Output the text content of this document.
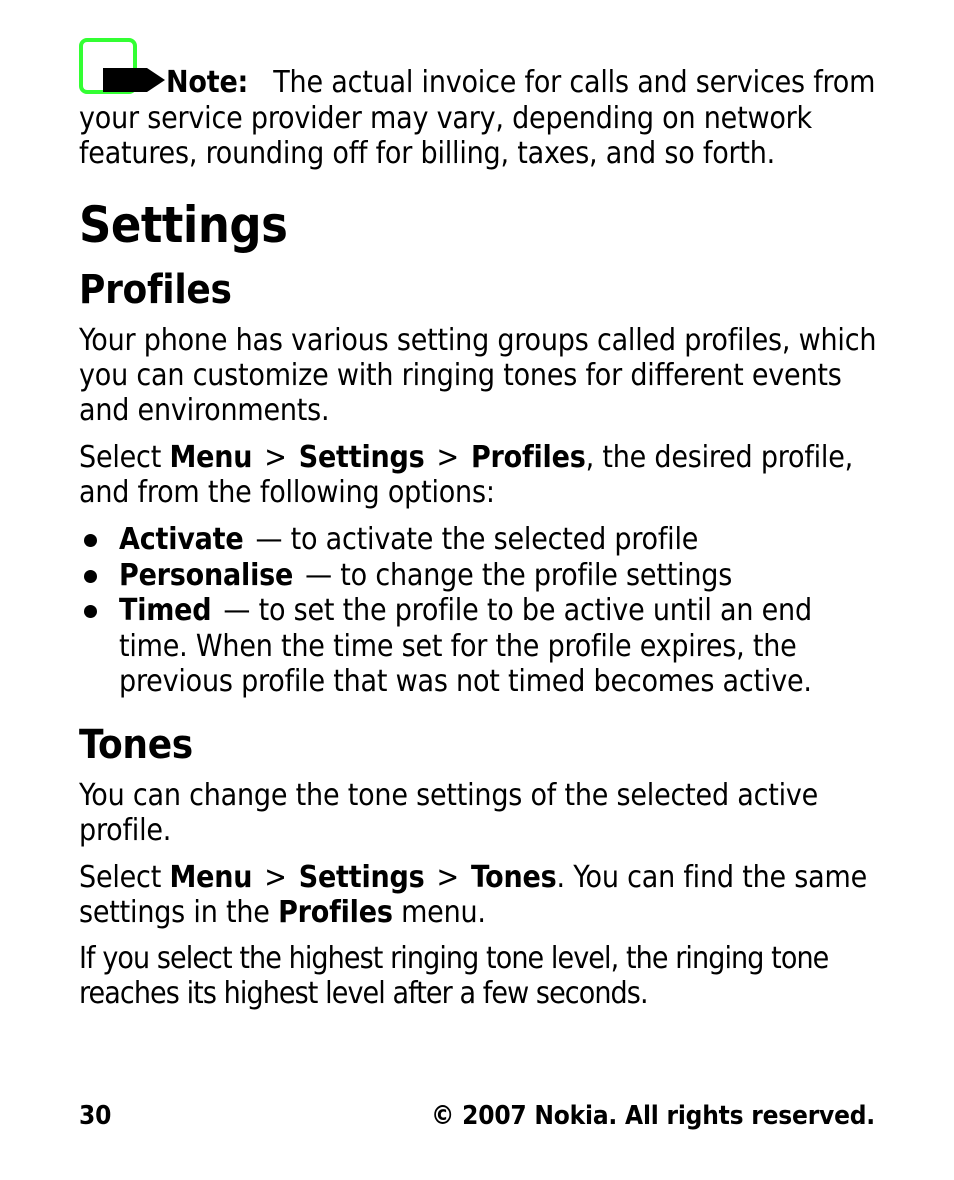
Note: The actual invoice for calls and services from your service provider may vary, depending on network features, rounding off for billing, taxes, and so forth.
Settings
Profiles

Your phone has various setting groups called profiles, which you can customize with ringing tones for different events and environments.

Select Menu > Settings > Profiles, the desired profile, and from the following options:

Activate — to activate the selected profile
Personalise — to change the profile settings
Timed — to set the profile to be active until an end time. When the time set for the profile expires, the previous profile that was not timed becomes active.
Tones

You can change the tone settings of the selected active profile.

Select Menu > Settings > Tones. You can find the same settings in the Profiles menu.

If you select the highest ringing tone level, the ringing tone reaches its highest level after a few seconds.

30	© 2007 Nokia. All rights reserved.
